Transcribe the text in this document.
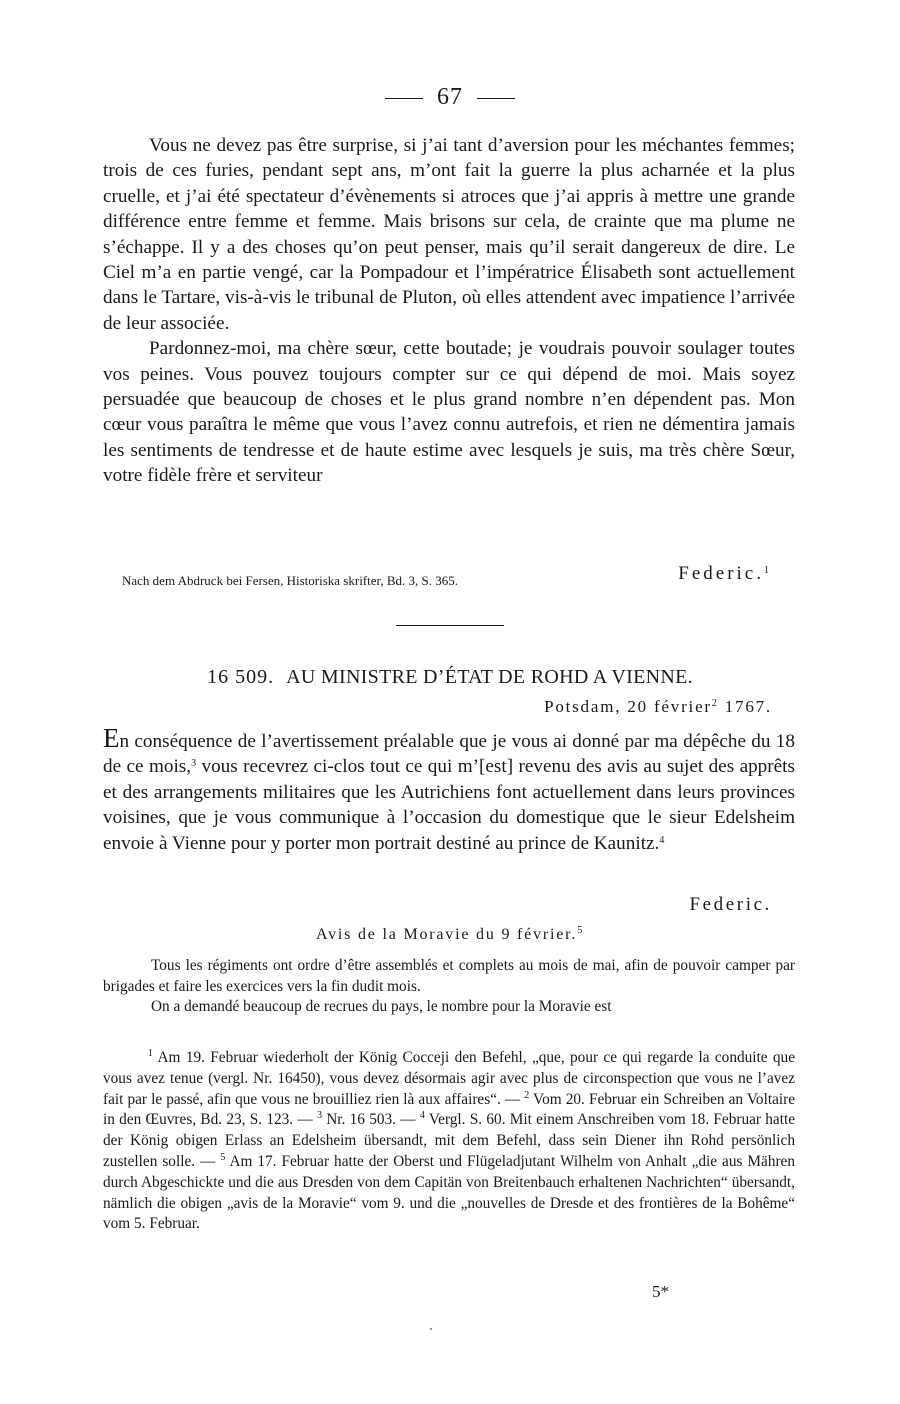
67

Vous ne devez pas être surprise, si j’ai tant d’aversion pour les méchantes femmes; trois de ces furies, pendant sept ans, m’ont fait la guerre la plus acharnée et la plus cruelle, et j’ai été spectateur d’évènements si atroces que j’ai appris à mettre une grande différence entre femme et femme. Mais brisons sur cela, de crainte que ma plume ne s’échappe. Il y a des choses qu’on peut penser, mais qu’il serait dangereux de dire. Le Ciel m’a en partie vengé, car la Pompadour et l’impératrice Élisabeth sont actuellement dans le Tartare, vis-à-vis le tribunal de Pluton, où elles attendent avec impatience l’arrivée de leur associée.

Pardonnez-moi, ma chère sœur, cette boutade; je voudrais pouvoir soulager toutes vos peines. Vous pouvez toujours compter sur ce qui dépend de moi. Mais soyez persuadée que beaucoup de choses et le plus grand nombre n’en dépendent pas. Mon cœur vous paraîtra le même que vous l’avez connu autrefois, et rien ne démentira jamais les sentiments de tendresse et de haute estime avec lesquels je suis, ma très chère Sœur, votre fidèle frère et serviteur

Nach dem Abdruck bei Fersen, Historiska skrifter, Bd. 3, S. 365.	Federic.$^1$
16 509. AU MINISTRE D’ÉTAT DE ROHD A VIENNE.
Potsdam, 20 février$^2$ 1767.

En conséquence de l’avertissement préalable que je vous ai donné par ma dépêche du 18 de ce mois,$^3$ vous recevrez ci-clos tout ce qui m’[est] revenu des avis au sujet des apprêts et des arrangements militaires que les Autrichiens font actuellement dans leurs provinces voisines, que je vous communique à l’occasion du domestique que le sieur Edelsheim envoie à Vienne pour y porter mon portrait destiné au prince de Kaunitz.$^4$

Federic.
Avis de la Moravie du 9 février.$^5$

Tous les régiments ont ordre d’être assemblés et complets au mois de mai, afin de pouvoir camper par brigades et faire les exercices vers la fin dudit mois.

On a demandé beaucoup de recrues du pays, le nombre pour la Moravie est

$^1$ Am 19. Februar wiederholt der König Cocceji den Befehl, „que, pour ce qui regarde la conduite que vous avez tenue (vergl. Nr. 16450), vous devez désormais agir avec plus de circonspection que vous ne l’avez fait par le passé, afin que vous ne brouilliez rien là aux affaires“. — $^2$ Vom 20. Februar ein Schreiben an Voltaire in den Œuvres, Bd. 23, S. 123. — $^3$ Nr. 16 503. — $^4$ Vergl. S. 60. Mit einem Anschreiben vom 18. Februar hatte der König obigen Erlass an Edelsheim übersandt, mit dem Befehl, dass sein Diener ihn Rohd persönlich zustellen solle. — $^5$ Am 17. Februar hatte der Oberst und Flügeladjutant Wilhelm von Anhalt „die aus Mähren durch Abgeschickte und die aus Dresden von dem Capitän von Breitenbauch erhaltenen Nachrichten“ übersandt, nämlich die obigen „avis de la Moravie“ vom 9. und die „nouvelles de Dresde et des frontières de la Bohême“ vom 5. Februar.

5*
